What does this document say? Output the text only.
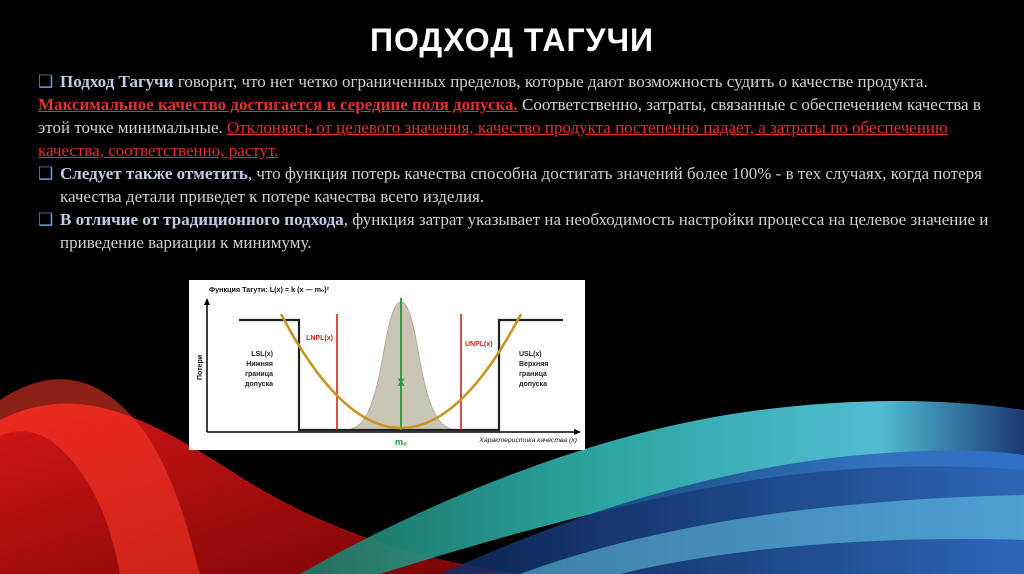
ПОДХОД ТАГУЧИ
❑ Подход Тагучи говорит, что нет четко ограниченных пределов, которые дают возможность судить о качестве продукта.

Максимальное качество достигается в середине поля допуска. Соответственно, затраты, связанные с обеспечением качества в этой точке минимальные. Отклоняясь от целевого значения, качество продукта постепенно падает, а затраты по обеспечению качества, соответственно, растут.

❑ Следует также отметить, что функция потерь качества способна достигать значений более 100% - в тех случаях, когда потеря качества детали приведет к потере качества всего изделия.
❑ В отличие от традиционного подхода, функция затрат указывает на необходимость настройки процесса на целевое значение и приведение вариации к минимуму.
Функция Тагути: L(x) = k (x — m₀)²
Потери
Характеристика качества (x)
LSL(x)
Нижняя
граница
допуска
USL(x)
Верхняя
граница
допуска
LNPL(x)
UNPL(x)
X
m₀
